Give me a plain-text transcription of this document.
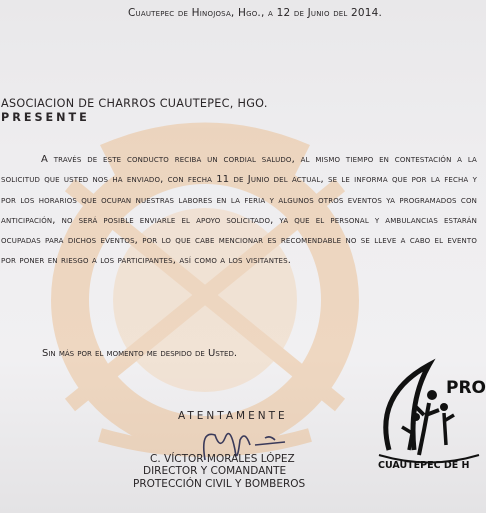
Cuautepec de Hinojosa, Hgo., a 12 de Junio del 2014.
ASOCIACION DE CHARROS CUAUTEPEC, HGO.
PRESENTE
A través de este conducto reciba un cordial saludo, al mismo tiempo en contestación a la solicitud que usted nos ha enviado, con fecha 11 de Junio del actual, se le informa que por la fecha y por los horarios que ocupan nuestras labores en la feria y algunos otros eventos ya programados con anticipación, no será posible enviarle el apoyo solicitado, ya que el personal y ambulancias estarán ocupadas para dichos eventos, por lo que cabe mencionar es recomendable no se lleve a cabo el evento por poner en riesgo a los participantes, así como a los visitantes.
Sin más por el momento me despido de Usted.
ATENTAMENTE
C. VÍCTOR MORALES LÓPEZ
DIRECTOR Y COMANDANTE
PROTECCIÓN CIVIL Y BOMBEROS
PRO
CUAUTEPEC DE H
